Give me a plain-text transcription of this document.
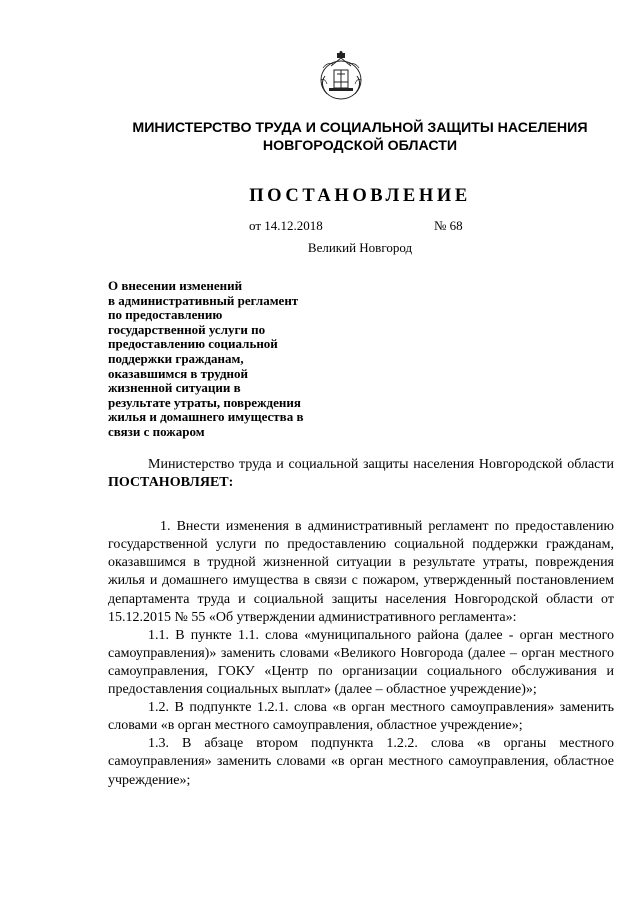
МИНИСТЕРСТВО ТРУДА И СОЦИАЛЬНОЙ ЗАЩИТЫ НАСЕЛЕНИЯ
НОВГОРОДСКОЙ ОБЛАСТИ
ПОСТАНОВЛЕНИЕ
от 14.12.2018	№ 68
Великий Новгород
О внесении изменений
в административный регламент
по предоставлению
государственной услуги по
предоставлению социальной
поддержки гражданам,
оказавшимся в трудной
жизненной ситуации в
результате утраты, повреждения
жилья и домашнего имущества в
связи с пожаром

Министерство труда и социальной защиты населения Новгородской области ПОСТАНОВЛЯЕТ:

1. Внести изменения в административный регламент по предоставлению государственной услуги по предоставлению социальной поддержки гражданам, оказавшимся в трудной жизненной ситуации в результате утраты, повреждения жилья и домашнего имущества в связи с пожаром, утвержденный постановлением департамента труда и социальной защиты населения Новгородской области от 15.12.2015 № 55 «Об утверждении административного регламента»:

1.1. В пункте 1.1. слова «муниципального района (далее - орган местного самоуправления)» заменить словами «Великого Новгорода (далее – орган местного самоуправления, ГОКУ «Центр по организации социального обслуживания и предоставления социальных выплат» (далее – областное учреждение)»;

1.2. В подпункте 1.2.1. слова «в орган местного самоуправления» заменить словами «в орган местного самоуправления, областное учреждение»;

1.3. В абзаце втором подпункта 1.2.2. слова «в органы местного самоуправления» заменить словами «в орган местного самоуправления, областное учреждение»;
